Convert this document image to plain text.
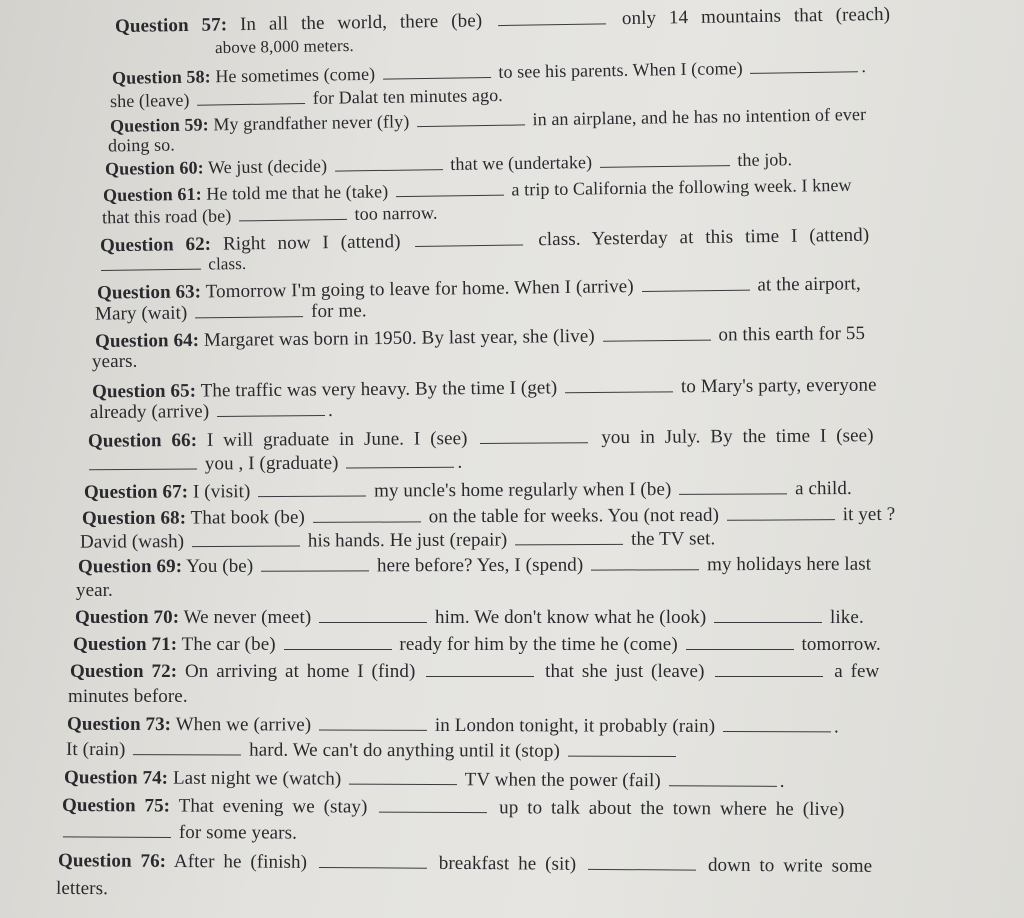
Question 57: In all the world, there (be)	only 14 mountains that (reach)
above 8,000 meters.
Question 58: He sometimes (come)	to see his parents. When I (come)	.
she (leave)	for Dalat ten minutes ago.
Question 59: My grandfather never (fly)	in an airplane, and he has no intention of ever
doing so.
Question 60: We just (decide)	that we (undertake)	the job.
Question 61: He told me that he (take)	a trip to California the following week. I knew
that this road (be)	too narrow.
Question 62: Right now I (attend)	class. Yesterday at this time I (attend)
class.
Question 63: Tomorrow I'm going to leave for home. When I (arrive)	at the airport,
Mary (wait)	for me.
Question 64: Margaret was born in 1950. By last year, she (live)	on this earth for 55
years.
Question 65: The traffic was very heavy. By the time I (get)	to Mary's party, everyone
already (arrive)	.
Question 66: I will graduate in June. I (see)	you in July. By the time I (see)
you , I (graduate)	.
Question 67: I (visit)	my uncle's home regularly when I (be)	a child.
Question 68: That book (be)	on the table for weeks. You (not read)	it yet ?
David (wash)	his hands. He just (repair)	the TV set.
Question 69: You (be)	here before? Yes, I (spend)	my holidays here last
year.
Question 70: We never (meet)	him. We don't know what he (look)	like.
Question 71: The car (be)	ready for him by the time he (come)	tomorrow.
Question 72: On arriving at home I (find)	that she just (leave)	a few
minutes before.
Question 73: When we (arrive)	in London tonight, it probably (rain)	.
It (rain)	hard. We can't do anything until it (stop)
Question 74: Last night we (watch)	TV when the power (fail)	.
Question 75: That evening we (stay)	up to talk about the town where he (live)
for some years.
Question 76: After he (finish)	breakfast he (sit)	down to write some
letters.
